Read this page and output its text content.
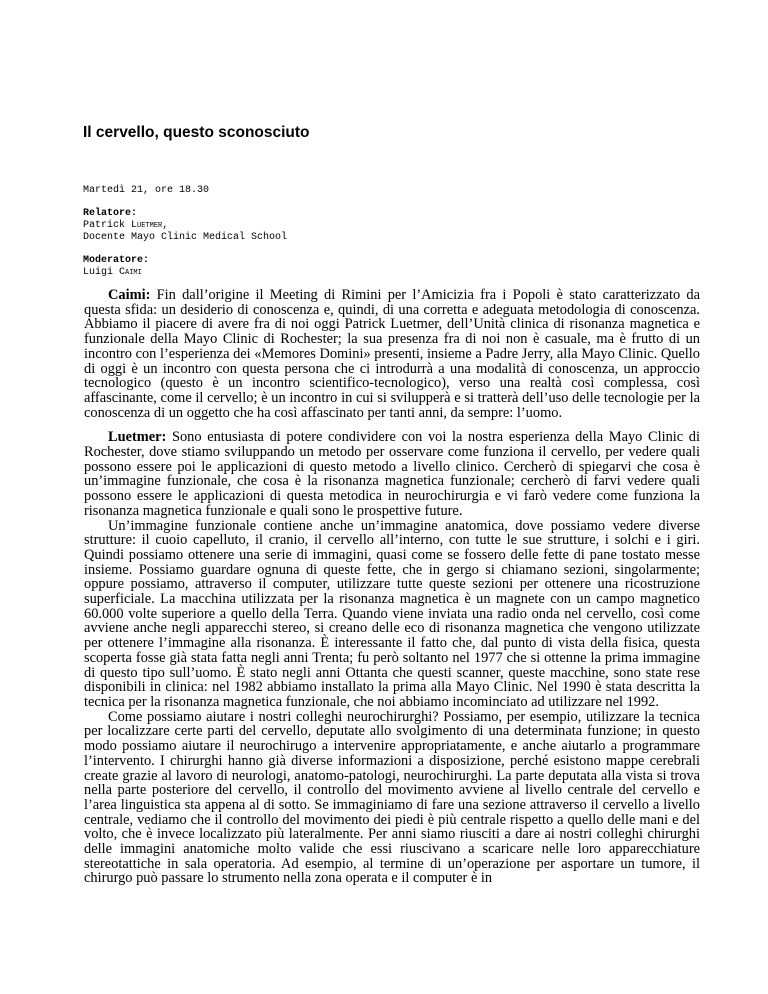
Il cervello, questo sconosciuto
Martedì 21, ore 18.30
Relatore:
Patrick Luetmer,
Docente Mayo Clinic Medical School
Moderatore:
Luigi Caimi

Caimi: Fin dall’origine il Meeting di Rimini per l’Amicizia fra i Popoli è stato caratterizzato da questa sfida: un desiderio di conoscenza e, quindi, di una corretta e adeguata metodologia di conoscenza. Abbiamo il piacere di avere fra di noi oggi Patrick Luetmer, dell’Unità clinica di risonanza magnetica e funzionale della Mayo Clinic di Rochester; la sua presenza fra di noi non è casuale, ma è frutto di un incontro con l’esperienza dei «Memores Domini» presenti, insieme a Padre Jerry, alla Mayo Clinic. Quello di oggi è un incontro con questa persona che ci introdurrà a una modalità di conoscenza, un approccio tecnologico (questo è un incontro scientifico-tecnologico), verso una realtà così complessa, così affascinante, come il cervello; è un incontro in cui si svilupperà e si tratterà dell’uso delle tecnologie per la conoscenza di un oggetto che ha così affascinato per tanti anni, da sempre: l’uomo.

Luetmer: Sono entusiasta di potere condividere con voi la nostra esperienza della Mayo Clinic di Rochester, dove stiamo sviluppando un metodo per osservare come funziona il cervello, per vedere quali possono essere poi le applicazioni di questo metodo a livello clinico. Cercherò di spiegarvi che cosa è un’immagine funzionale, che cosa è la risonanza magnetica funzionale; cercherò di farvi vedere quali possono essere le applicazioni di questa metodica in neurochirurgia e vi farò vedere come funziona la risonanza magnetica funzionale e quali sono le prospettive future.

Un’immagine funzionale contiene anche un’immagine anatomica, dove possiamo vedere diverse strutture: il cuoio capelluto, il cranio, il cervello all’interno, con tutte le sue strutture, i solchi e i giri. Quindi possiamo ottenere una serie di immagini, quasi come se fossero delle fette di pane tostato messe insieme. Possiamo guardare ognuna di queste fette, che in gergo si chiamano sezioni, singolarmente; oppure possiamo, attraverso il computer, utilizzare tutte queste sezioni per ottenere una ricostruzione superficiale. La macchina utilizzata per la risonanza magnetica è un magnete con un campo magnetico 60.000 volte superiore a quello della Terra. Quando viene inviata una radio onda nel cervello, così come avviene anche negli apparecchi stereo, si creano delle eco di risonanza magnetica che vengono utilizzate per ottenere l’immagine alla risonanza. È interessante il fatto che, dal punto di vista della fisica, questa scoperta fosse già stata fatta negli anni Trenta; fu però soltanto nel 1977 che si ottenne la prima immagine di questo tipo sull’uomo. È stato negli anni Ottanta che questi scanner, queste macchine, sono state rese disponibili in clinica: nel 1982 abbiamo installato la prima alla Mayo Clinic. Nel 1990 è stata descritta la tecnica per la risonanza magnetica funzionale, che noi abbiamo incominciato ad utilizzare nel 1992.

Come possiamo aiutare i nostri colleghi neurochirurghi? Possiamo, per esempio, utilizzare la tecnica per localizzare certe parti del cervello, deputate allo svolgimento di una determinata funzione; in questo modo possiamo aiutare il neurochirugo a intervenire appropriatamente, e anche aiutarlo a programmare l’intervento. I chirurghi hanno già diverse informazioni a disposizione, perché esistono mappe cerebrali create grazie al lavoro di neurologi, anatomo-patologi, neurochirurghi. La parte deputata alla vista si trova nella parte posteriore del cervello, il controllo del movimento avviene al livello centrale del cervello e l’area linguistica sta appena al di sotto. Se immaginiamo di fare una sezione attraverso il cervello a livello centrale, vediamo che il controllo del movimento dei piedi è più centrale rispetto a quello delle mani e del volto, che è invece localizzato più lateralmente. Per anni siamo riusciti a dare ai nostri colleghi chirurghi delle immagini anatomiche molto valide che essi riuscivano a scaricare nelle loro apparecchiature stereotattiche in sala operatoria. Ad esempio, al termine di un’operazione per asportare un tumore, il chirurgo può passare lo strumento nella zona operata e il computer è in
